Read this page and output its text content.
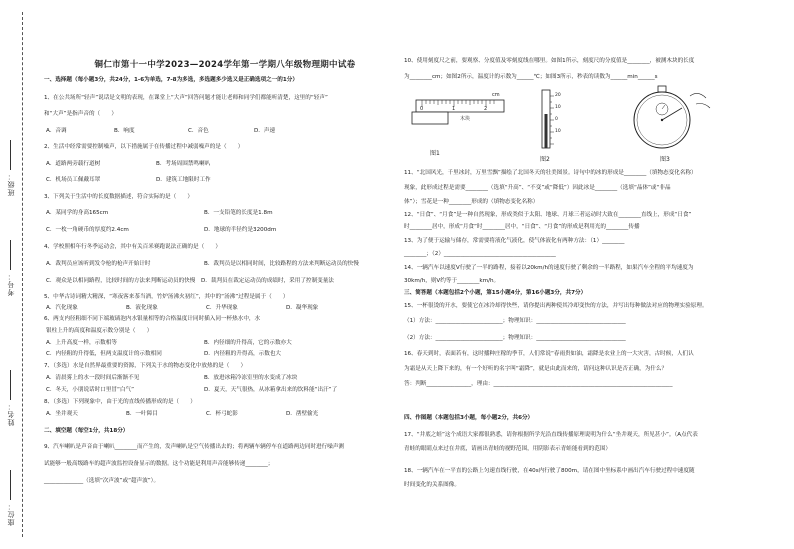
班级：
考号：
姓名：
座位：
铜仁市第十一中学2023—2024学年第一学期八年级物理期中试卷
一、选择题（每小题3分，共24分，1-6为单选，7-8为多选，多选题多少选又是正确选项之一的1分）
1、在公共场所“轻声”说话是文明的表现，在课堂上“大声”回答问题才能让老师和同学们都能听清楚，这里的“轻声”
和“大声”是指声音的（　　）
A．音调	B．响度	C．音色	D．声速
2、生活中经常需要控制噪声，以下措施属于在传播过程中减弱噪声的是（　　）
A．道路两旁载行道树	B．考场周围禁鸣喇叭
C．机场员工佩戴耳罩	D．建筑工地限时工作
3、下列关于生活中的长度数据描述，符合实际的是（　　）
A．某同学的身高165cm	B．一支铅笔的长度是1.8m
C．一枚一角硬币的厚度约2.4cm	D．地球的半径约是3200dm
4、学校照相年行冬季运动会，其中有关百米赛跑说法正确的是（　　）
A．裁判员应该听到发令枪的枪声开始计时	B．裁判员是以相同时间，比较路程的方法来判断运动员的快慢
C．观众是以相同路程，比较时间的方法来判断运动员的快慢　D．裁判员在裁定运动员的成绩时，采用了控制变量法
5、中华古诗词精大精深，“寒夜客来茶当酒，竹炉汤沸火初红”，其中的“汤沸”过程是属于（　　）
A．汽化现象	B．液化现象	C．升华现象	D．凝华现象
6、两支内径粗细不同下端玻璃泡内水银量相等的合格温度计同时插入同一杯热水中，水
银柱上升的高度和温度示数分别是（　　）
A．上升高度一样，示数相等	B．内径细的升得高，它的示数亦大
C．内径粗的升得低，但两支温度计的示数相同	D．内径粗的升得高，示数也大
7、（多选）水是自然界最重要的资源，下列关于水的物态变化中放热的是（　　）
A．清晨雾上的水一段时间后渐渐不见	B．放进冰箱冷冻室里的水变成了冰块
C．冬天，小朋说话时口里冒“白气”	D．夏天，天气很热，从冰箱拿出来的饮料能“出汗”了
8、（多选）下列现象中，由于光的直线传播形成的是（　　）
A．坐井观天	B．一叶障目	C．杯弓蛇影	D．凿壁偷光
二、填空题（每空1分，共18分）
9、汽车喇叭是声音由于喇叭________而产生的，发声喇叭是空气传播出去的；将两辆车辆停车在道路两边同时进行噪声测
试能够一般高级路车的超声波监控设备显示的数据。这个功能是利用声音能够传递________；
______________（选填“次声波”或“超声波”）。
10、使用刻度尺之前，要观察、分度值及零刻度线在哪里。如图1所示，刻度尺的分度值是________，被测木块的长度
为________cm；如图2所示，温度计的示数为______℃；如图3所示，秒表的读数为______min______s
0	1	2
cm
木块
图1
20
10
0
10
图2	图3
11、“北国风光，千里冰封，万里雪飘”描绘了北国冬天的壮美图景。诗句中的冰的形成是________（填物态变化名称）
现象，此形成过程是需要________（选填“升高”、“不变”或“降低”）因此冰是________（选填“晶体”或“非晶
体”）；雪花是一种________形成的（填物态变化名称）
12、“日食”、“月食”是一种自然现象，形成类似于太阳、地球、月球三者运动时大致在________直线上，形成“日食”
时________居中，形成“月食”时________居中，“日食”、“月食”的形成是利用光的________传播
13、为了便于运输与储存，常需要将液化气液化，使气体液化有两种方法：（1）________
________；（2）________________________________________
14、一辆汽车以速度V行驶了一半的路程，接着以20km/h的速度行驶了剩余的一半路程，如果汽车全程的平均速度为
30km/h，则V约等于________km/h。
三、简答题（本题包括2个小题，第15小题4分，第16小题3分，共7分）
15、一杯很烫的开水，要使它在冰冷却得快些，请你提出两种使其冷却变快的方法，并写出每种做法对应的物理实验原理。
（1）方法：________________________；物理知识：________________________________
（2）方法：________________________；物理知识：________________________________
16、春天到时，表面若有，这时播种庄稼的季节，人们常说“春雨贵如油，霜降是农业上的一大灾害，古时候，人们认
为霜是从天上降下来的，有一个好听的名字叫“霜降”，就是由此而来的，请问这种认识是否正确，为什么？
答：判断________________，理由：________________________________________________________________
四、作图题（本题包括3小题，每小题2分，共6分）
17、“井底之蛙”这个成语大家都很熟悉，请你根据所学光沿直线传播原理说明为什么“坐井观天，所见甚小”。（A点代表
青蛙的眼睛点来过在井底，请画出青蛙的视野范围，用阴影表示青蛙能看到的范围）
18、一辆汽车在一平直的公路上匀速直线行驶，在40s内行驶了800m，请在图中坐标系中画出汽车行驶过程中速度随
时间变化的关系图像。
